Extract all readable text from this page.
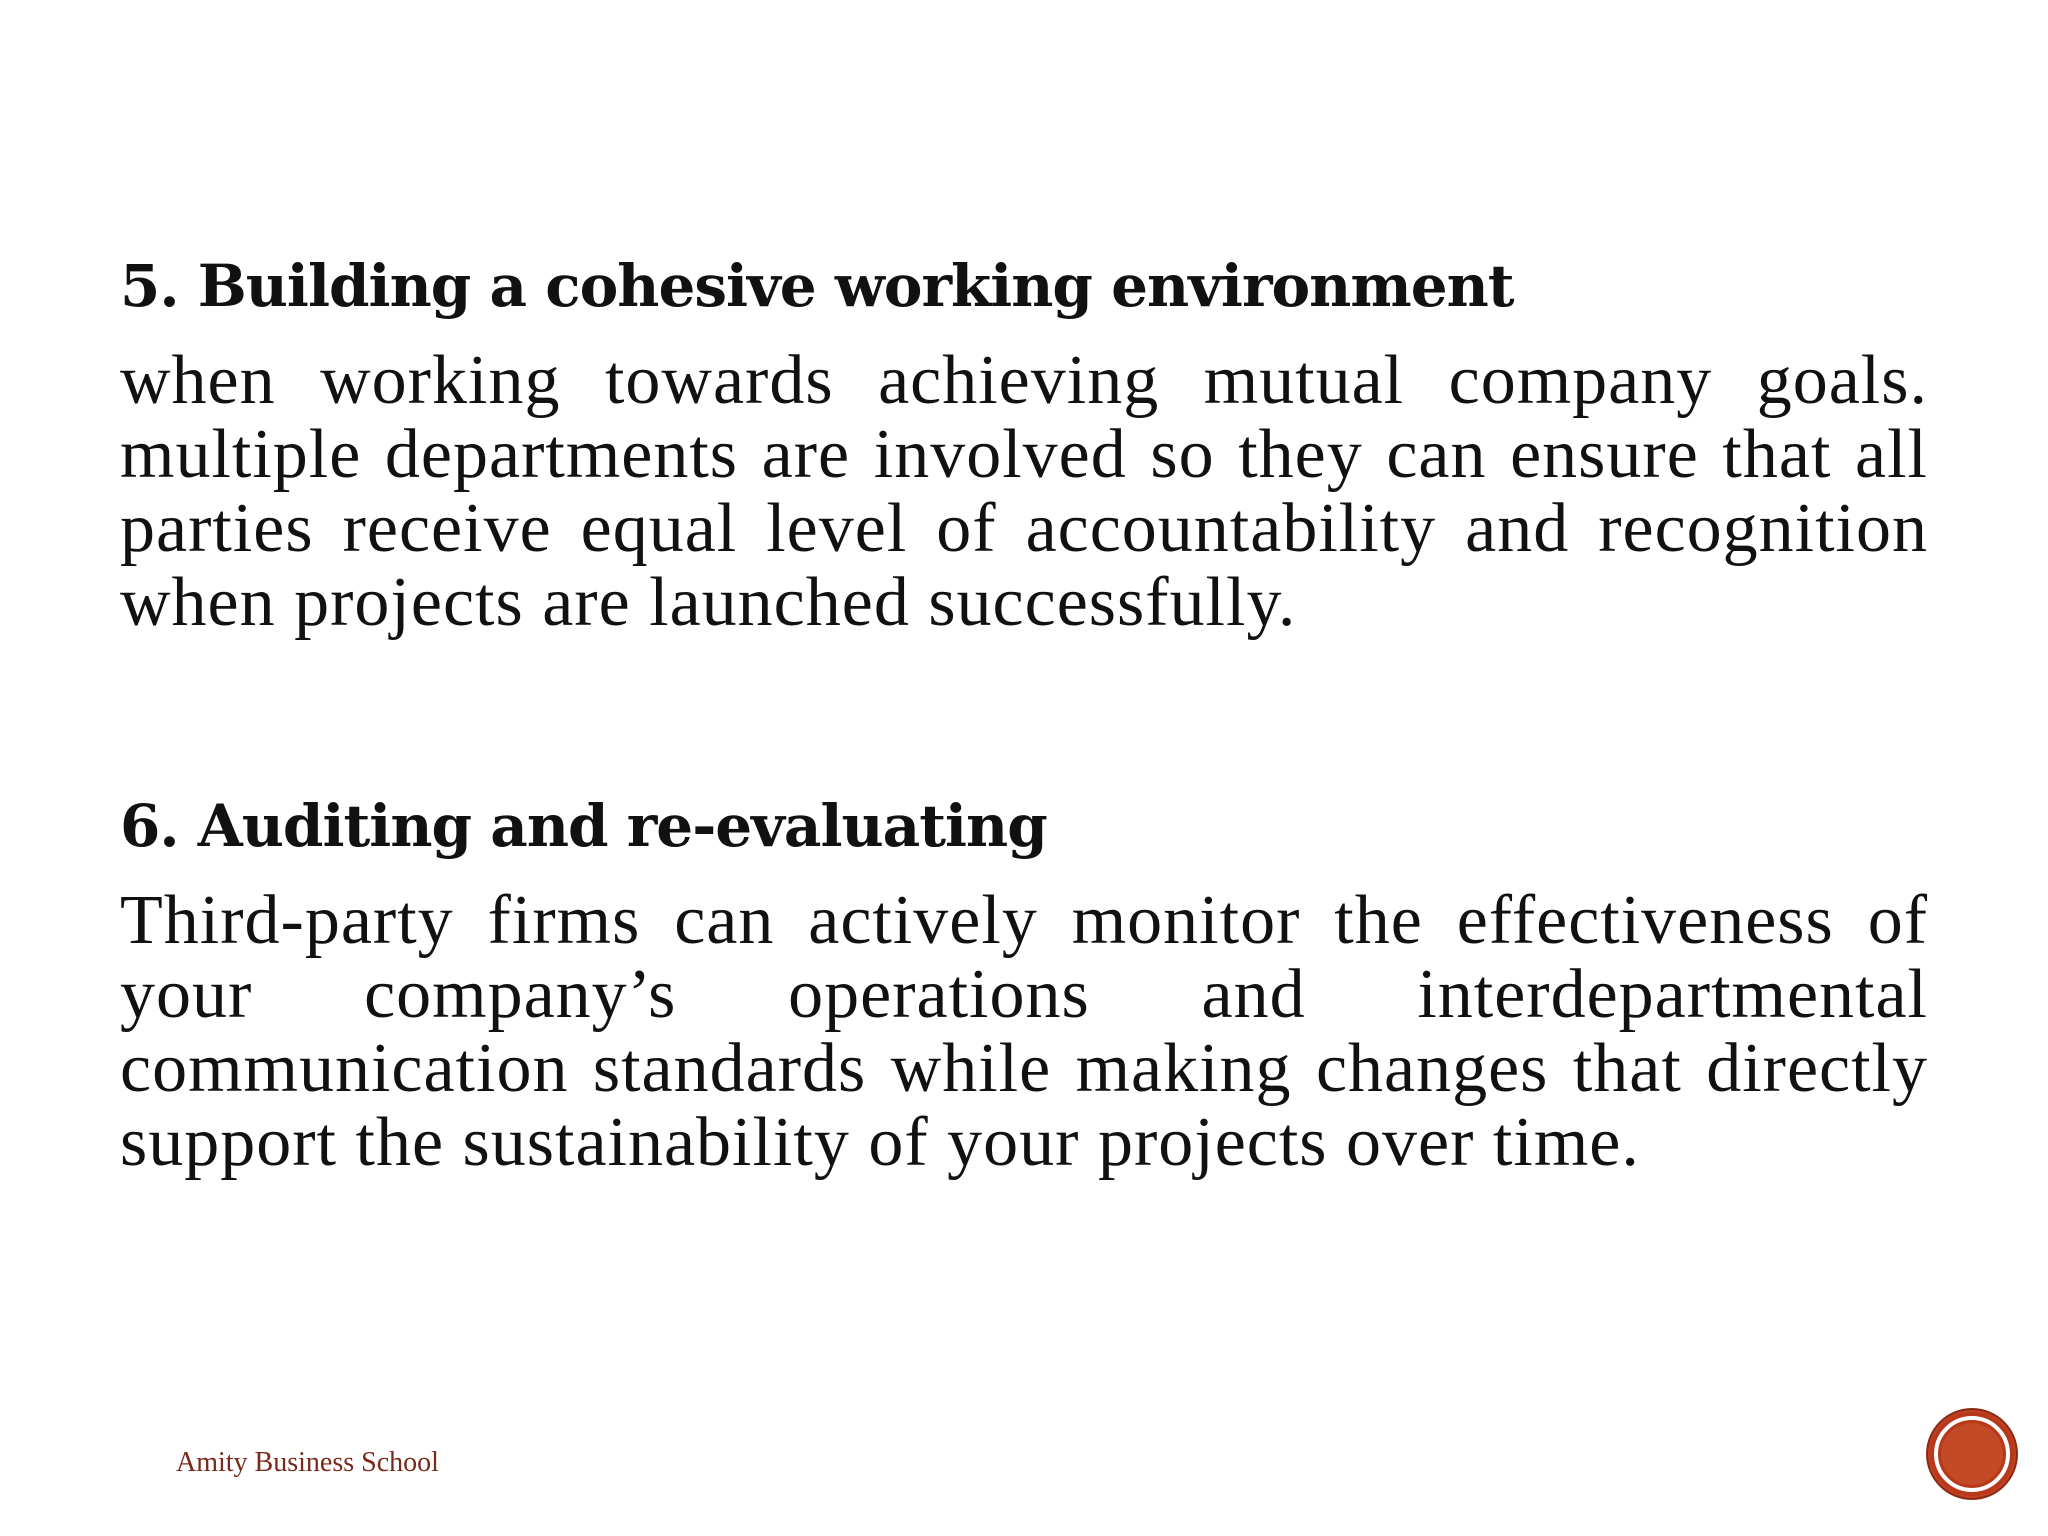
5. Building a cohesive working environment

when working towards achieving mutual company goals. multiple departments are involved so they can ensure that all parties receive equal level of accountability and recognition when projects are launched successfully.

6. Auditing and re-evaluating

Third-party firms can actively monitor the effectiveness of your company’s operations and interdepartmental communication standards while making changes that directly support the sustainability of your projects over time.

Amity Business School
